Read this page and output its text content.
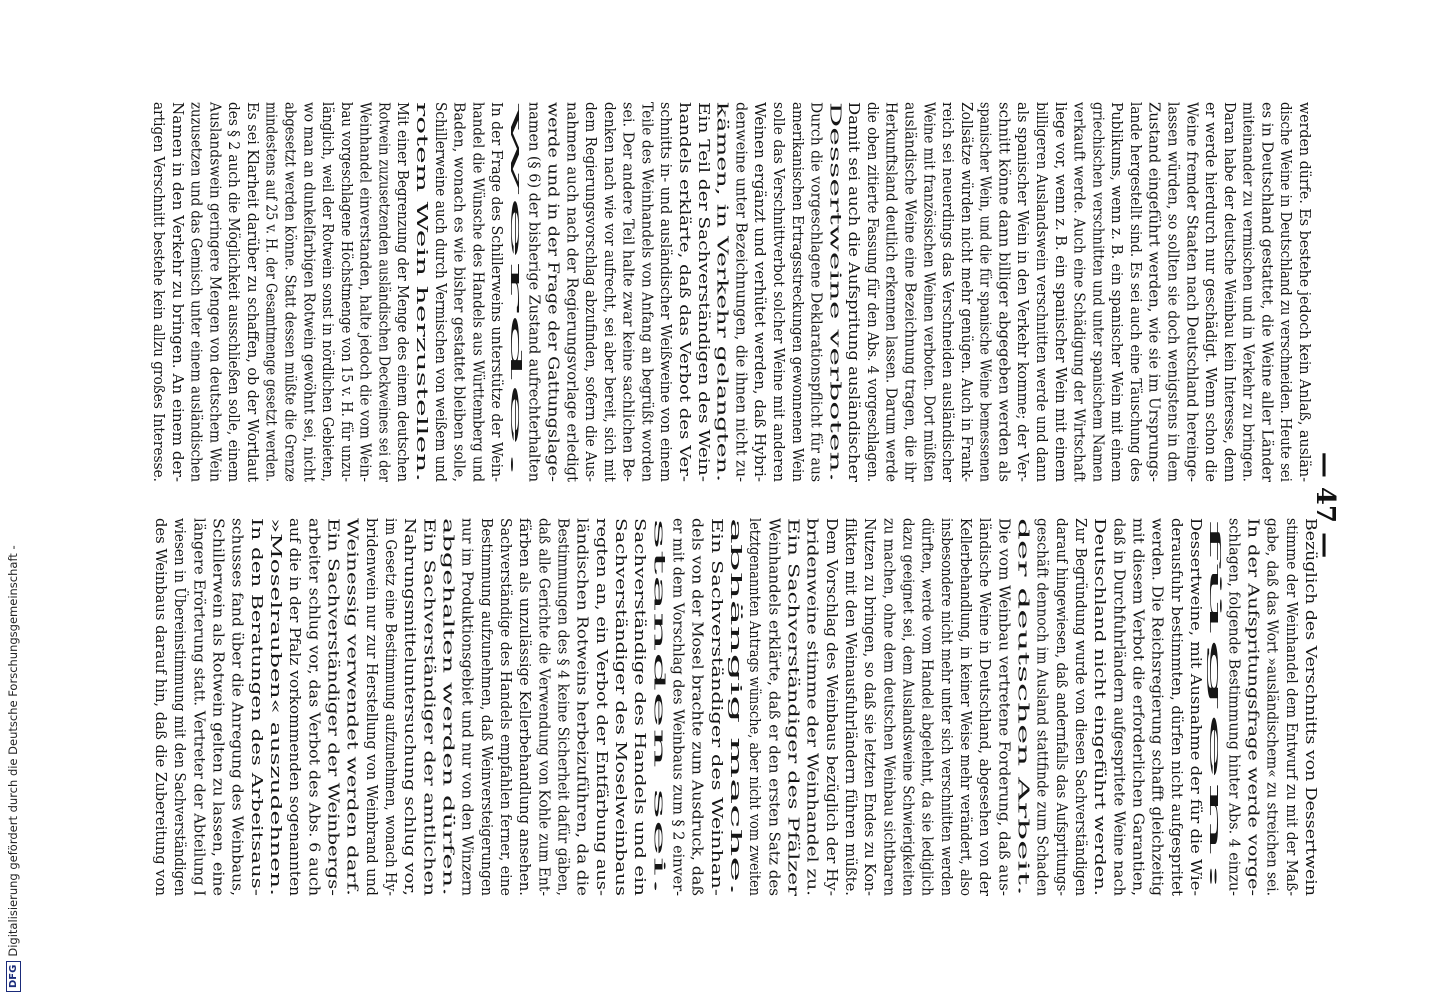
— 47 —
werden dürfe. Es bestehe jedoch kein Anlaß, auslän-
dische Weine in Deutschland zu verschneiden. Heute sei
es in Deutschland gestattet, die Weine aller Länder
miteinander zu vermischen und in Verkehr zu bringen.
Daran habe der deutsche Weinbau kein Interesse, denn
er werde hierdurch nur geschädigt. Wenn schon die
Weine fremder Staaten nach Deutschland hereinge-
lassen würden, so sollten sie doch wenigstens in dem
Zustand eingeführt werden, wie sie im Ursprungs-
lande hergestellt sind. Es sei auch eine Täuschung des
Publikums, wenn z. B. ein spanischer Wein mit einem
griechischen verschnitten und unter spanischem Namen
verkauft werde. Auch eine Schädigung der Wirtschaft
liege vor, wenn z. B. ein spanischer Wein mit einem
billigeren Auslandswein verschnitten werde und dann
als spanischer Wein in den Verkehr komme; der Ver-
schnitt könne dann billiger abgegeben werden als
spanischer Wein, und die für spanische Weine bemessenen
Zollsätze würden nicht mehr genügen. Auch in Frank-
reich sei neuerdings das Verschneiden ausländischer
Weine mit französischen Weinen verboten. Dort müßten
ausländische Weine eine Bezeichnung tragen, die ihr
Herkunftsland deutlich erkennen lassen. Darum werde
die oben zitierte Fassung für den Abs. 4 vorgeschlagen.
Damit sei auch die Aufspritung ausländischer
Dessertweine verboten.
Durch die vorgeschlagene Deklarationspflicht für aus
amerikanischen Ertragsstreckungen gewonnenen Wein
solle das Verschnittverbot solcher Weine mit anderen
Weinen ergänzt und verhütet werden, daß Hybri-
denweine unter Bezeichnungen, die ihnen nicht zu-
kämen, in Verkehr gelangten.
Ein Teil der Sachverständigen des Wein-
handels erklärte, daß das Verbot des Ver-
schnitts in- und ausländischer Weißweine von einem
Teile des Weinhandels von Anfang an begrüßt worden
sei. Der andere Teil halte zwar keine sachlichen Be-
denken nach wie vor aufrecht, sei aber bereit, sich mit
dem Regierungsvorschlag abzufinden, sofern die Aus-
nahmen auch nach der Regierungsvorlage erledigt
werde und in der Frage der Gattungslage-
namen (§ 6) der bisherige Zustand aufrechterhalten
werde.
In der Frage des Schillerweins unterstütze der Wein-
handel die Wünsche des Handels aus Württemberg und
Baden, wonach es wie bisher gestattet bleiben solle,
Schillerweine auch durch Vermischen von weißem und
rotem Wein herzustellen.
Mit einer Begrenzung der Menge des einem deutschen
Rotwein zuzusetzenden ausländischen Deckweines sei der
Weinhandel einverstanden, halte jedoch die vom Wein-
bau vorgeschlagene Höchstmenge von 15 v. H. für unzu-
länglich, weil der Rotwein sonst in nördlichen Gebieten,
wo man an dunkelfarbigen Rotwein gewöhnt sei, nicht
abgesetzt werden könne. Statt dessen müßte die Grenze
mindestens auf 25 v. H. der Gesamtmenge gesetzt werden.
Es sei Klarheit darüber zu schaffen, ob der Wortlaut
des § 2 auch die Möglichkeit ausschließen solle, einem
Auslandswein geringere Mengen von deutschem Wein
zuzusetzen und das Gemisch unter einem ausländischen
Namen in den Verkehr zu bringen. An einem der-
artigen Verschnitt bestehe kein allzu großes Interesse.
Bezüglich des Verschnitts von Dessertwein
stimme der Weinhandel dem Entwurf zu mit der Maß-
gabe, daß das Wort »ausländischem« zu streichen sei.
In der Aufspritungsfrage werde vorge-
schlagen, folgende Bestimmung hinter Abs. 4 einzu-
fügen:
Dessertweine, mit Ausnahme der für die Wie-
derausfuhr bestimmten, dürfen nicht aufgespritet
werden. Die Reichsregierung schafft gleichzeitig
mit diesem Verbot die erforderlichen Garantien,
daß in Durchfuhrländern aufgespritete Weine nach
Deutschland nicht eingeführt werden.
Zur Begründung wurde von diesen Sachverständigen
darauf hingewiesen, daß andernfalls das Aufspritungs-
geschäft dennoch im Ausland stattfinde zum Schaden
der deutschen Arbeit.
Die vom Weinbau vertretene Forderung, daß aus-
ländische Weine in Deutschland, abgesehen von der
Kellerbehandlung, in keiner Weise mehr verändert, also
insbesondere nicht mehr unter sich verschnitten werden
dürften, werde vom Handel abgelehnt, da sie lediglich
dazu geeignet sei, dem Auslandsweine Schwierigkeiten
zu machen, ohne dem deutschen Weinbau sichtbaren
Nutzen zu bringen, so daß sie letzten Endes zu Kon-
flikten mit den Weinausfuhrländern führen müßte.
Dem Vorschlag des Weinbaus bezüglich der Hy-
bridenweine stimme der Weinhandel zu.
Ein Sachverständiger des Pfälzer
Weinhandels erklärte, daß er den ersten Satz des
letztgenannten Antrags wünsche, aber nicht vom zweiten
abhängig mache.
Ein Sachverständiger des Weinhan-
dels von der Mosel brachte zum Ausdruck, daß
er mit dem Vorschlag des Weinbaus zum § 2 einver-
standen sei.
Sachverständige des Handels und ein
Sachverständiger des Moselweinbaus
regten an, ein Verbot der Entfärbung aus-
ländischen Rotweins herbeizuführen, da die
Bestimmungen des § 4 keine Sicherheit dafür gäben,
daß alle Gerichte die Verwendung von Kohle zum Ent-
färben als unzulässige Kellerbehandlung ansehen.
Sachverständige des Handels empfahlen ferner, eine
Bestimmung aufzunehmen, daß Weinversteigerungen
nur im Produktionsgebiet und nur von den Winzern
abgehalten werden dürfen.
Ein Sachverständiger der amtlichen
Nahrungsmitteluntersuchung schlug vor,
im Gesetz eine Bestimmung aufzunehmen, wonach Hy-
bridenwein nur zur Herstellung von Weinbrand und
Weinessig verwendet werden darf.
Ein Sachverständiger der Weinbergs-
arbeiter schlug vor, das Verbot des Abs. 6 auch
auf die in der Pfalz vorkommenden sogenannten
»Moselrauben« auszudehnen.
In den Beratungen des Arbeitsaus-
schusses fand über die Anregung des Weinbaus,
Schillerwein als Rotwein gelten zu lassen, eine
längere Erörterung statt. Vertreter der Abteilung I
wiesen in Übereinstimmung mit den Sachverständigen
des Weinbaus darauf hin, daß die Zubereitung von
DFG
Digitalisierung gefördert durch die Deutsche Forschungsgemeinschaft -
